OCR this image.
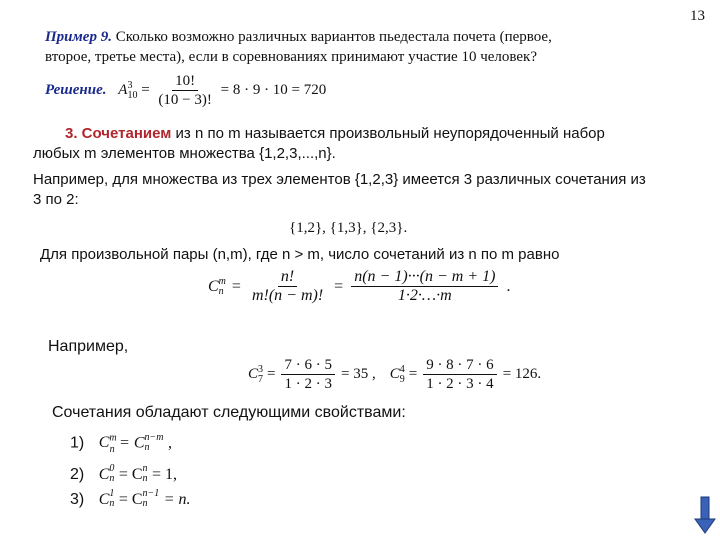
13
Пример 9. Сколько возможно различных вариантов пьедестала почета (первое,
второе, третье места), если в соревнованиях принимают участие 10 человек?
Решение. A 3
$10 = \frac{10!}{(10 - 3)!} = 8 \cdot 9 \cdot 10 = 720$
3. Сочетанием из n по m называется произвольный неупорядоченный набор
любых m элементов множества {1,2,3,...,n}.
Например, для множества из трех элементов {1,2,3} имеется 3 различных сочетания из
3 по 2:
{1,2}, {1,3}, {2,3}.
Для произвольной пары (n,m), где n > m, число сочетаний из n по m равно
C m
$n = \frac{n!}{m!(n - m)!} = \frac{n(n - 1)\cdot\cdot\cdot(n - m + 1)}{1\cdot 2\cdot\dots\cdot m}$ .
Например,
C 3
$7 = \frac{7 \cdot 6 \cdot 5}{1 \cdot 2 \cdot 3} = 35$ , C 4
$9 = \frac{9 \cdot 8 \cdot 7 \cdot 6}{1 \cdot 2 \cdot 3 \cdot 4} = 126$.
Сочетания обладают следующими свойствами:
1) $C^m_n = C$ n−m
n	,
2) C 0
n = C n
n = 1,
3) C 1
n = C n−1
n	= n.
